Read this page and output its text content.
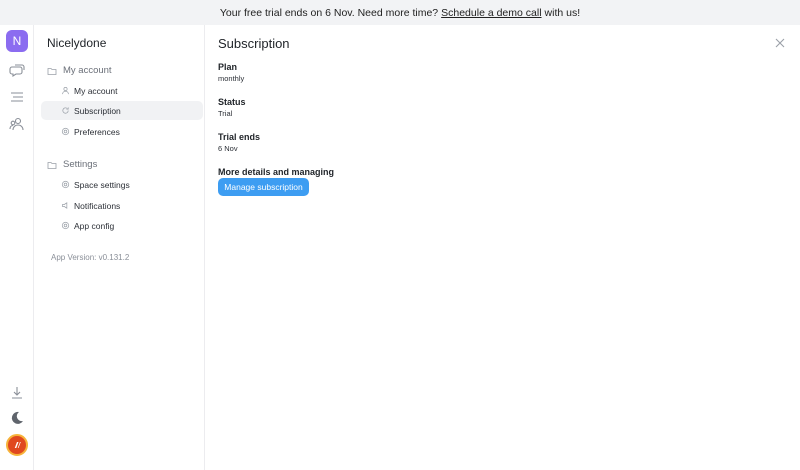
Your free trial ends on 6 Nov. Need more time? Schedule a demo call with us!
N Nicelydone
My account
My account
Subscription
Preferences
Settings
Space settings
Notifications
App config
App Version: v0.131.2
Subscription
Plan
monthly
Status
Trial
Trial ends
6 Nov
More details and managing
Manage subscription
